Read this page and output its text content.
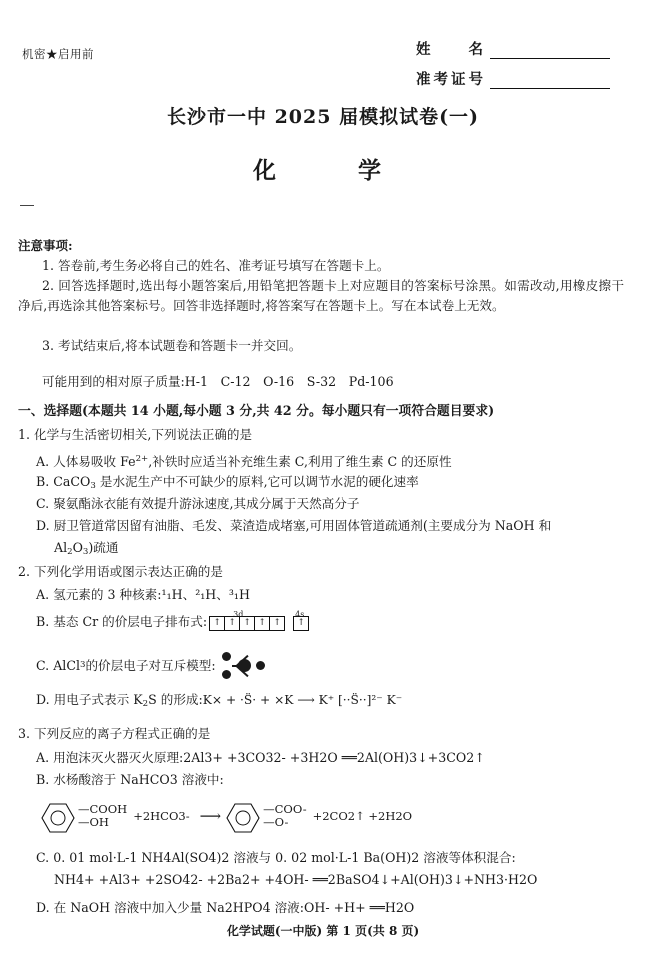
机密★启用前	姓　　名
准考证号
长沙市一中 2025 届模拟试卷(一)
化　　学
注意事项:
1. 答卷前,考生务必将自己的姓名、准考证号填写在答题卡上。
2. 回答选择题时,选出每小题答案后,用铅笔把答题卡上对应题目的答案标号涂黑。如需改动,用橡皮擦干净后,再选涂其他答案标号。回答非选择题时,将答案写在答题卡上。写在本试卷上无效。
3. 考试结束后,将本试题卷和答题卡一并交回。
可能用到的相对原子质量:H-1　C-12　O-16　S-32　Pd-106
一、选择题(本题共 14 小题,每小题 3 分,共 42 分。每小题只有一项符合题目要求)
1. 化学与生活密切相关,下列说法正确的是
A. 人体易吸收 $Fe^{2+}$,补铁时应适当补充维生素 C,利用了维生素 C 的还原性
B. CaCO$_3$ 是水泥生产中不可缺少的原料,它可以调节水泥的硬化速率
C. 聚氨酯泳衣能有效提升游泳速度,其成分属于天然高分子
D. 厨卫管道常因留有油脂、毛发、菜渣造成堵塞,可用固体管道疏通剂(主要成分为 NaOH 和
$Al_2O_3$)疏通
2. 下列化学用语或图示表达正确的是
A. 氢元素的 3 种核素:¹₁H、²₁H、³₁H
B. 基态 Cr 的价层电子排布式:	3d
↑ ↑ ↑ ↑ ↑
4s
↑
C. AlCl 3 的价层电子对互斥模型:
D. 用电子式表示 $K_2S$ 的形成:K× + ·S̈· + ×K ⟶ K⁺ [··S̈··]²⁻ K⁻
3. 下列反应的离子方程式正确的是
A. 用泡沫灭火器灭火原理:2Al3+ +3CO32- +3H2O ══2Al(OH)3↓+3CO2↑
B. 水杨酸溶于 NaHCO3 溶液中:
—COOH
—OH	+2HCO3- ⟶	—COO-
—O-	+2CO2↑ +2H2O
C. 0. 01 mol·L-1 NH4Al(SO4)2 溶液与 0. 02 mol·L-1 Ba(OH)2 溶液等体积混合:
NH4+ +Al3+ +2SO42- +2Ba2+ +4OH- ══2BaSO4↓+Al(OH)3↓+NH3·H2O
D. 在 NaOH 溶液中加入少量 Na2HPO4 溶液:OH- +H+ ══H2O
化学试题(一中版) 第 1 页(共 8 页)
